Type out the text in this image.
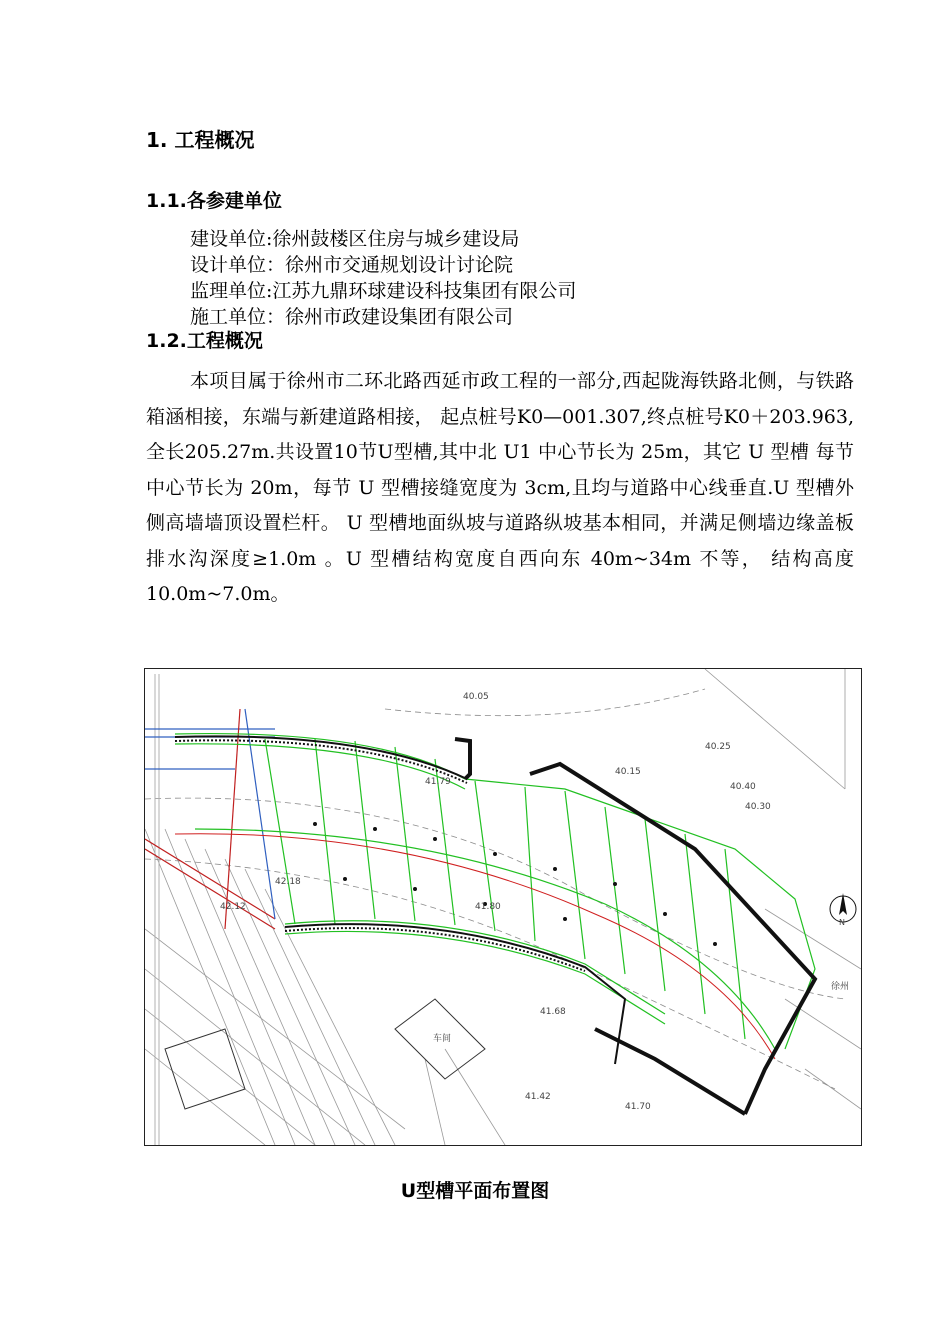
1. 工程概况
1.1.各参建单位
建设单位:徐州鼓楼区住房与城乡建设局
设计单位：徐州市交通规划设计讨论院
监理单位:江苏九鼎环球建设科技集团有限公司
施工单位：徐州市政建设集团有限公司
1.2.工程概况

本项目属于徐州市二环北路西延市政工程的一部分,西起陇海铁路北侧，与铁路箱涵相接，东端与新建道路相接， 起点桩号K0—001.307,终点桩号K0＋203.963,全长205.27m.共设置10节U型槽,其中北 U1 中心节长为 25m，其它 U 型槽 每节中心节长为 20m，每节 U 型槽接缝宽度为 3cm,且均与道路中心线垂直.U 型槽外侧高墙墙顶设置栏杆。 U 型槽地面纵坡与道路纵坡基本相同，并满足侧墙边缘盖板排水沟深度≥1.0m 。U 型槽结构宽度自西向东 40m~34m 不等， 结构高度10.0m~7.0m。

41.79
41.80
41.68
41.42
41.70
40.30
40.25
42.12
42.18
40.05
40.15
40.40
徐州
车间
N
U型槽平面布置图
